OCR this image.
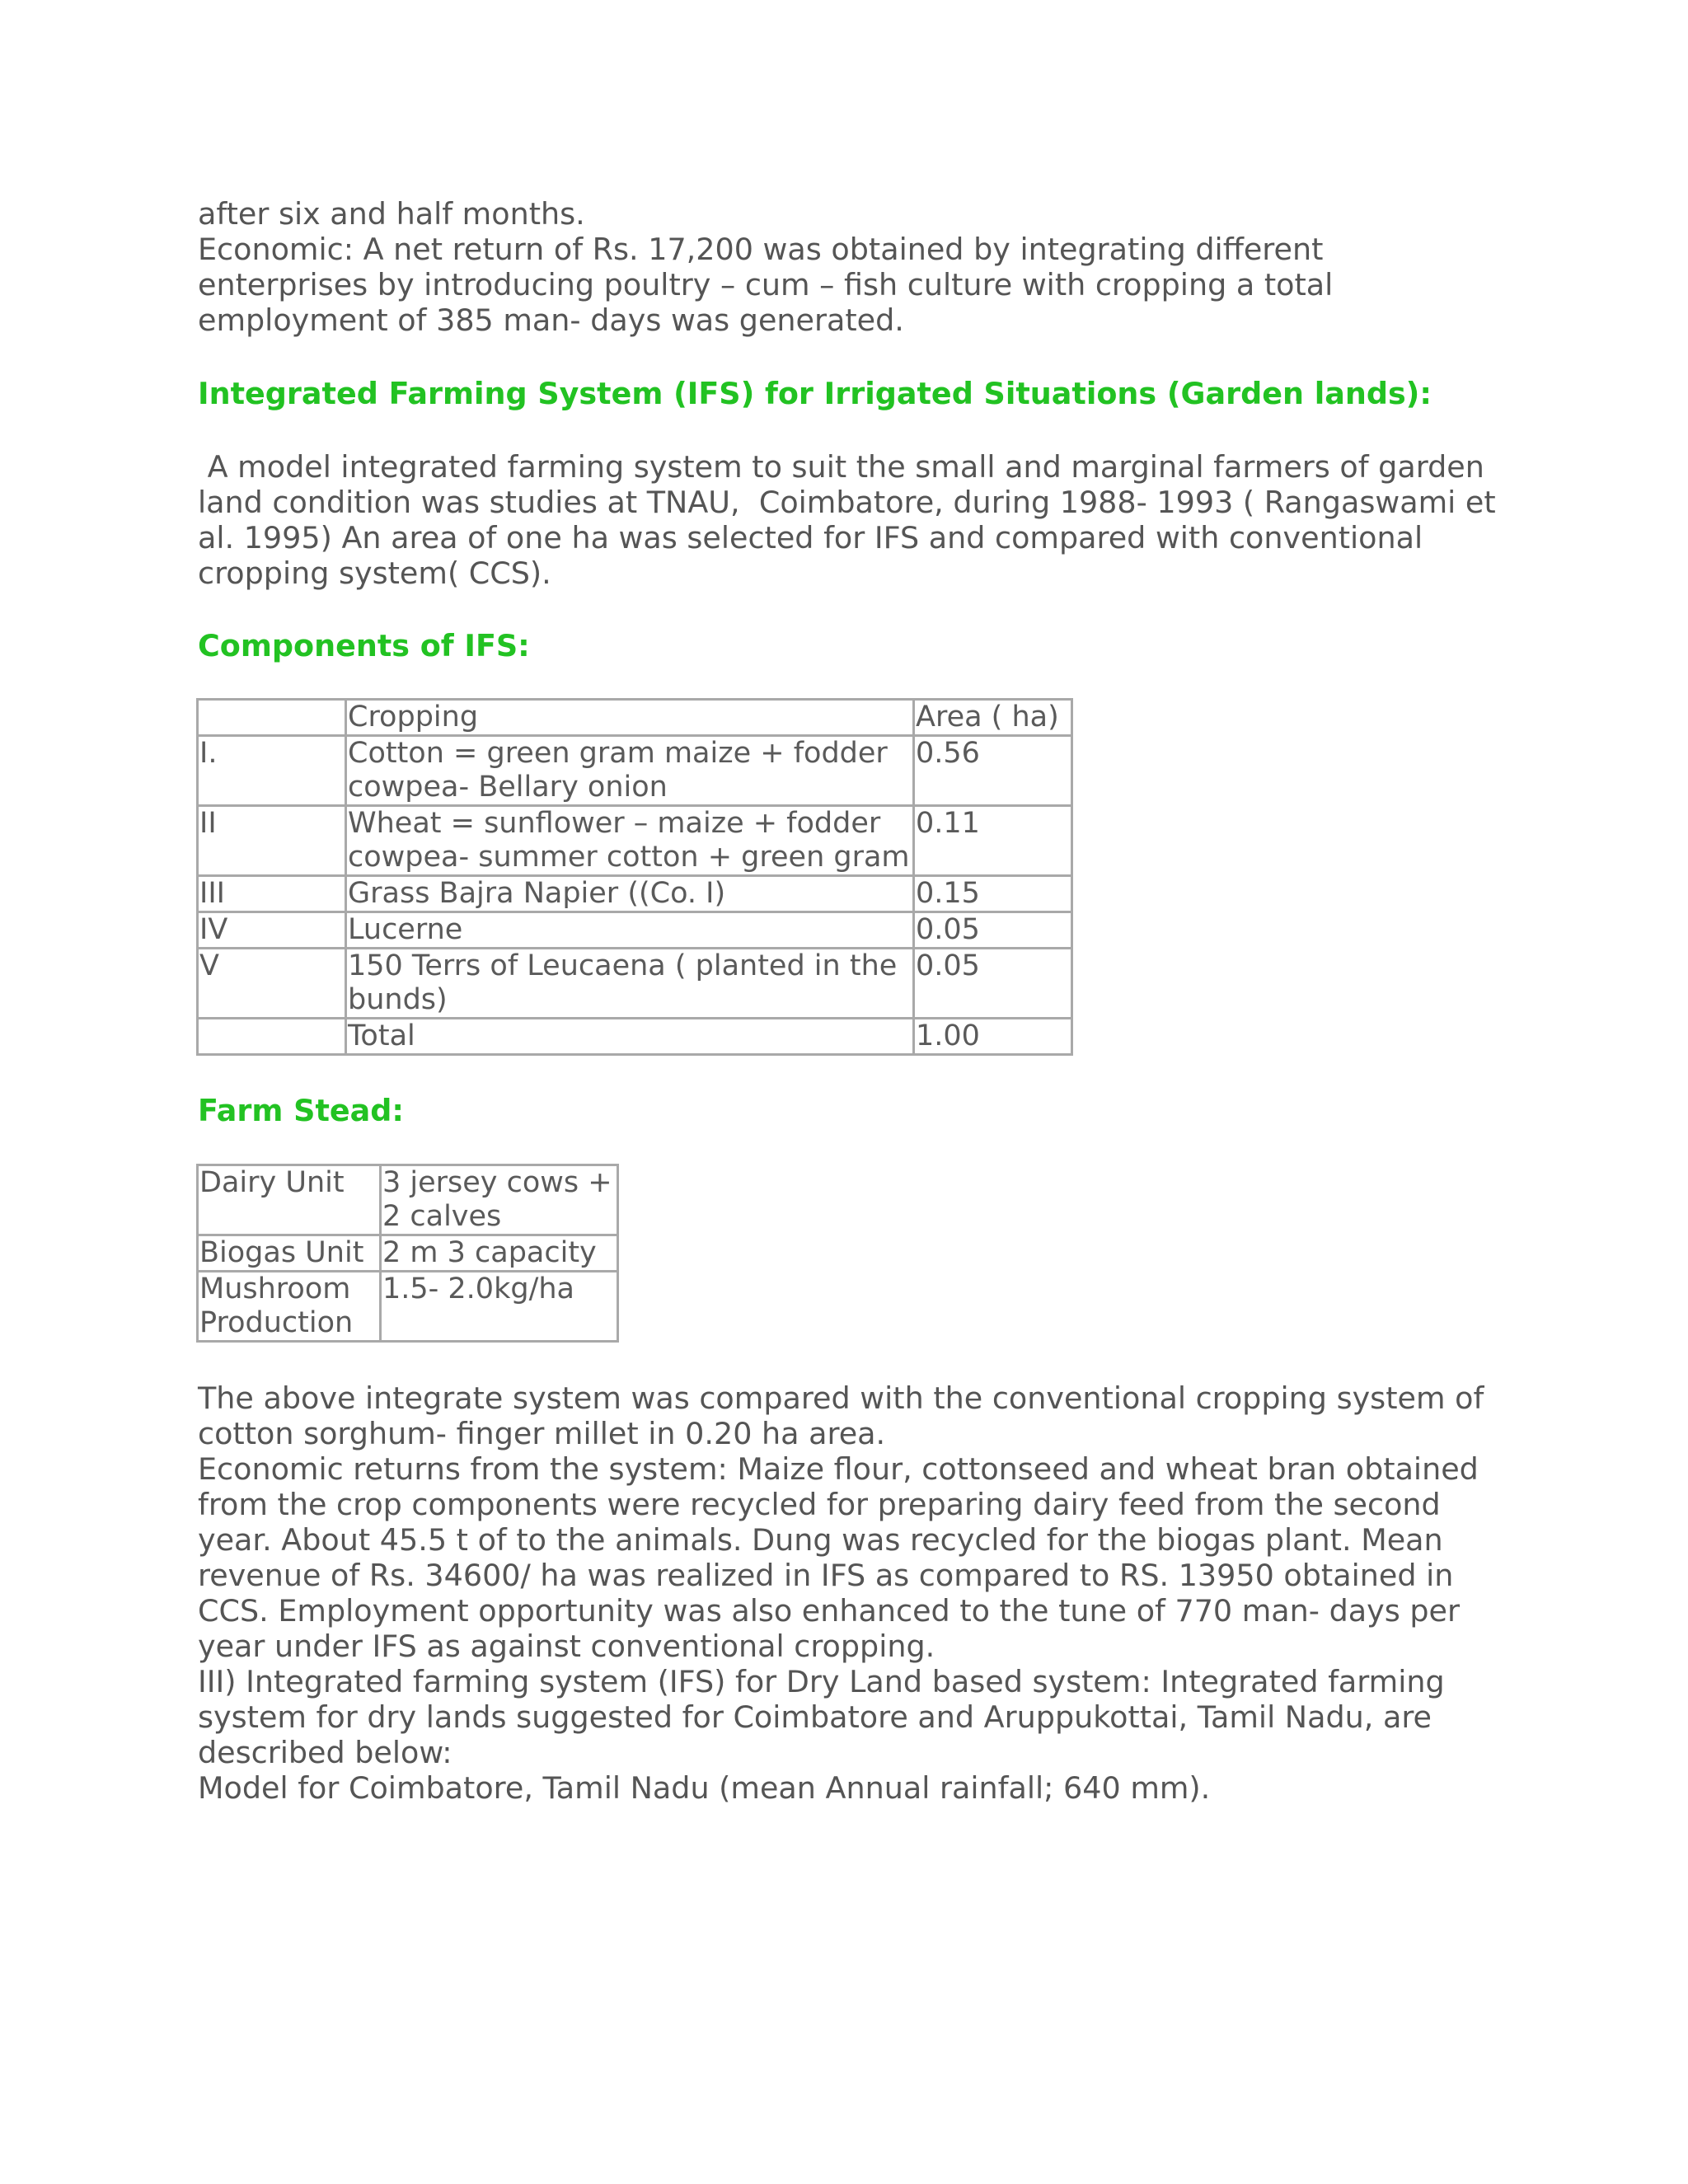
after six and half months.

Economic: A net return of Rs. 17,200 was obtained by integrating different enterprises by introducing poultry – cum – fish culture with cropping a total employment of 385 man- days was generated.

Integrated Farming System (IFS) for Irrigated Situations (Garden lands):

A model integrated farming system to suit the small and marginal farmers of garden land condition was studies at TNAU,  Coimbatore, during 1988- 1993 ( Rangaswami et al. 1995) An area of one ha was selected for IFS and compared with conventional cropping system( CCS).

Components of IFS:

	Cropping	Area ( ha)
I.	Cotton = green gram maize + fodder cowpea- Bellary onion	0.56
II	Wheat = sunflower – maize + fodder cowpea- summer cotton + green gram	0.11
III	Grass Bajra Napier ((Co. I)	0.15
IV	Lucerne	0.05
V	150 Terrs of Leucaena ( planted in the bunds)	0.05
	Total	1.00

Farm Stead:

Dairy Unit	3 jersey cows + 2 calves
Biogas Unit	2 m 3 capacity
Mushroom Production	1.5- 2.0kg/ha

The above integrate system was compared with the conventional cropping system of cotton sorghum- finger millet in 0.20 ha area.

Economic returns from the system: Maize flour, cottonseed and wheat bran obtained from the crop components were recycled for preparing dairy feed from the second year. About 45.5 t of to the animals. Dung was recycled for the biogas plant. Mean revenue of Rs. 34600/ ha was realized in IFS as compared to RS. 13950 obtained in CCS. Employment opportunity was also enhanced to the tune of 770 man- days per year under IFS as against conventional cropping.

III) Integrated farming system (IFS) for Dry Land based system: Integrated farming system for dry lands suggested for Coimbatore and Aruppukottai, Tamil Nadu, are described below:

Model for Coimbatore, Tamil Nadu (mean Annual rainfall; 640 mm).
